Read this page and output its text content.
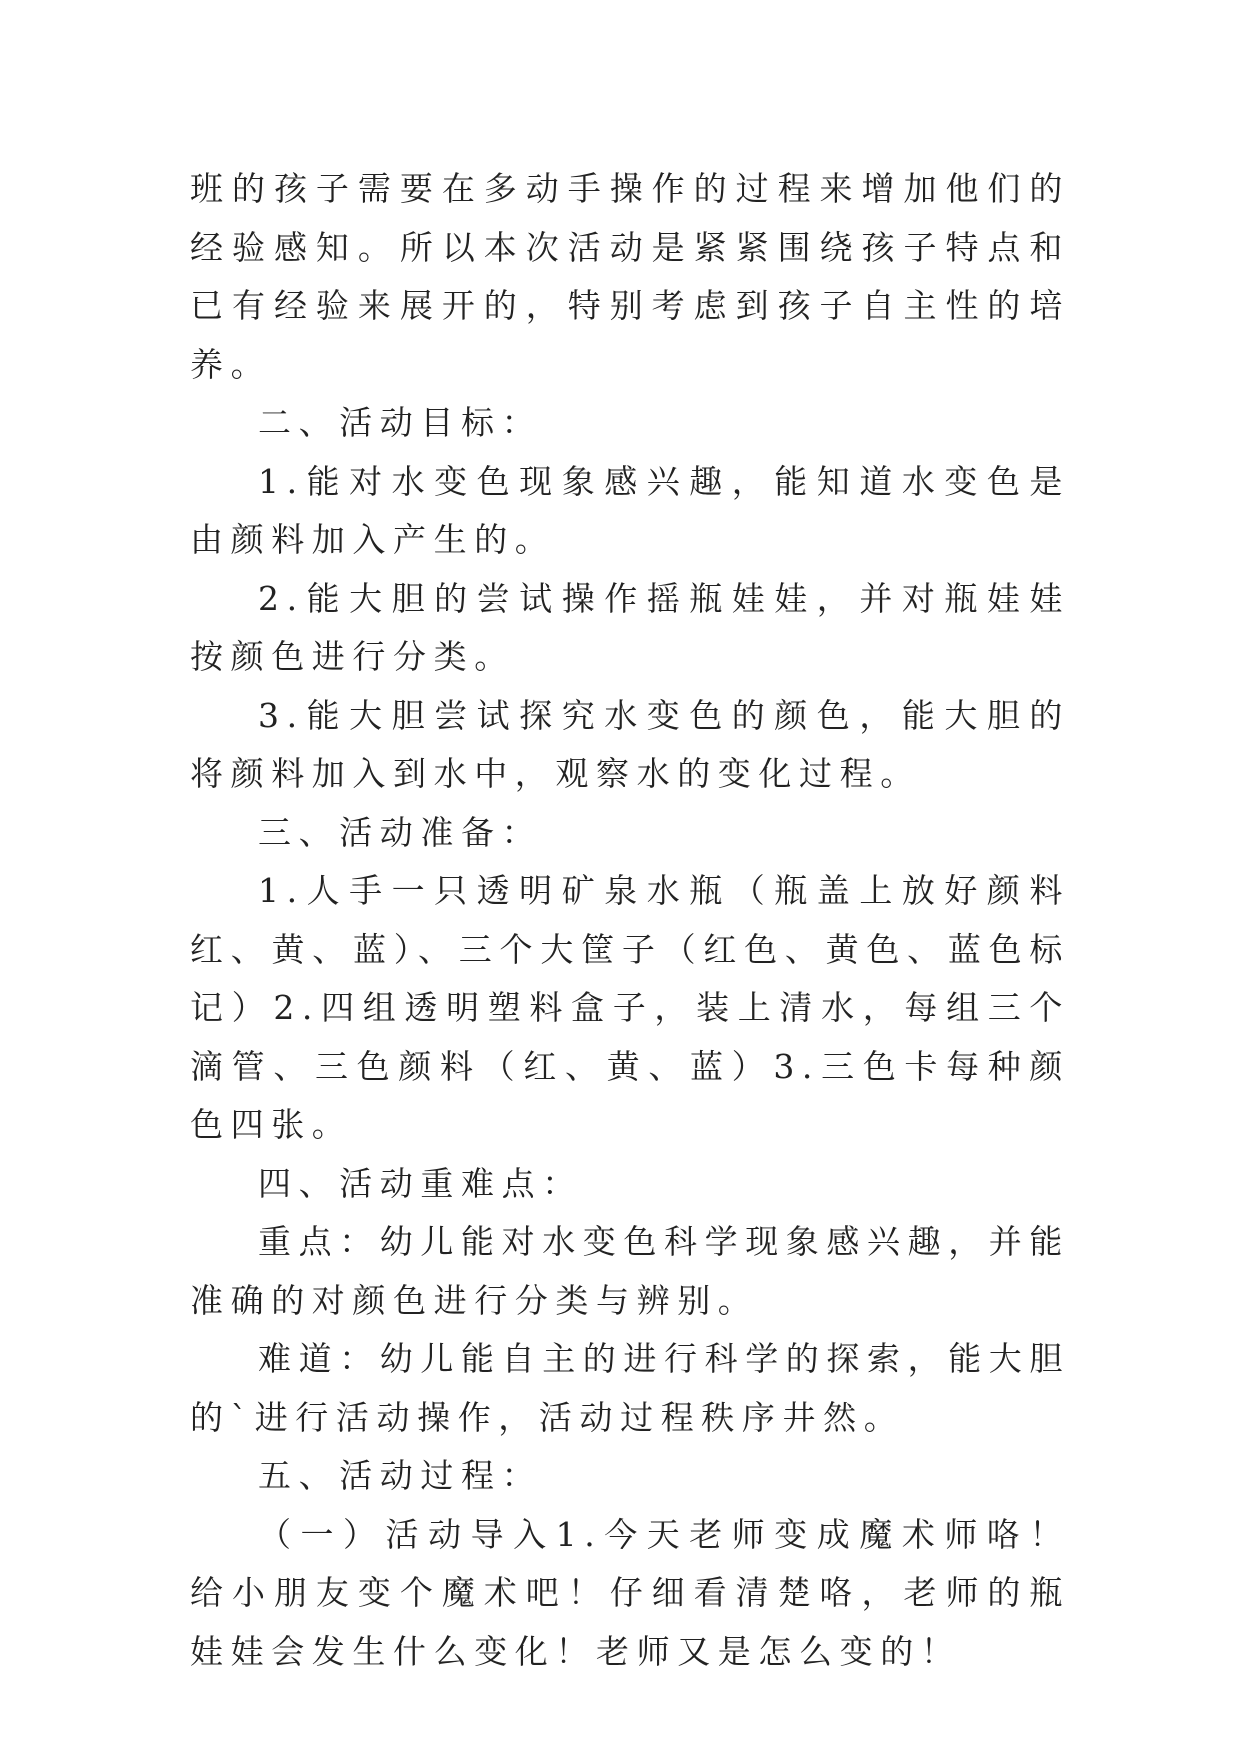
班的孩子需要在多动手操作的过程来增加他们的经验感知。所以本次活动是紧紧围绕孩子特点和已有经验来展开的，特别考虑到孩子自主性的培养。

二、活动目标：

1.能对水变色现象感兴趣，能知道水变色是由颜料加入产生的。

2.能大胆的尝试操作摇瓶娃娃，并对瓶娃娃按颜色进行分类。

3.能大胆尝试探究水变色的颜色，能大胆的将颜料加入到水中，观察水的变化过程。

三、活动准备：

1.人手一只透明矿泉水瓶（瓶盖上放好颜料红、黄、蓝）、三个大筐子（红色、黄色、蓝色标记）2.四组透明塑料盒子，装上清水，每组三个滴管、三色颜料（红、黄、蓝）3.三色卡每种颜色四张。

四、活动重难点：

重点：幼儿能对水变色科学现象感兴趣，并能准确的对颜色进行分类与辨别。

难道：幼儿能自主的进行科学的探索，能大胆的`进行活动操作，活动过程秩序井然。

五、活动过程：

（一）活动导入1.今天老师变成魔术师咯！给小朋友变个魔术吧！仔细看清楚咯，老师的瓶娃娃会发生什么变化！老师又是怎么变的！
